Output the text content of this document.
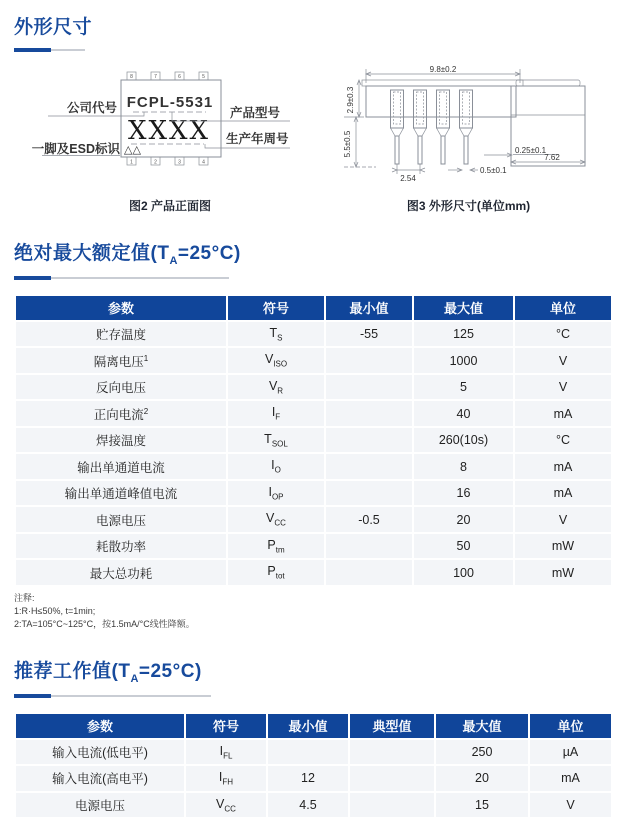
外形尺寸
8	7	6	5
1	2	3	4
FCPL-5531
XXXX
△△
公司代号	产品型号
生产年周号
一脚及ESD标识
图2 产品正面图
9.8±0.2
2.9±0.3
5.5±0.5
2.54
0.5±0.1
0.25±0.1
7.62
图3 外形尺寸(单位mm)
绝对最大额定值$(T_A=25^\circ C)$
参数	符号	最小值	最大值	单位
贮存温度	$T_S$	-55	125	°C
隔离电压$^1$	$V_{ISO}$		1000	V
反向电压	$V_R$		5	V
正向电流$^2$	$I_F$		40	mA
焊接温度	$T_{SOL}$		260(10s)	°C
输出单通道电流	$I_O$		8	mA
输出单通道峰值电流	$I_{OP}$		16	mA
电源电压	$V_{CC}$	-0.5	20	V
耗散功率	$P_{tm}$		50	mW
最大总功耗	$P_{tot}$		100	mW
注释:
1:R·H≤50%, t=1min;
2:TA=105°C~125°C，按1.5mA/°C线性降额。
推荐工作值$(T_A=25^\circ C)$
参数	符号	最小值	典型值	最大值	单位
输入电流(低电平)	$I_{FL}$			250	µA
输入电流(高电平)	$I_{FH}$	12		20	mA
电源电压	$V_{CC}$	4.5		15	V
